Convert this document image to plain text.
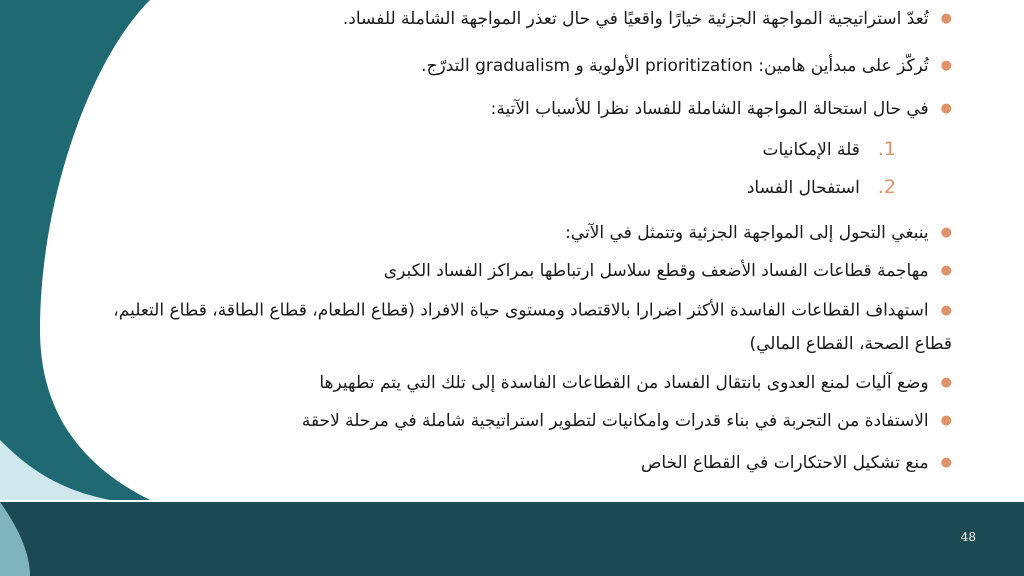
●تُعدّ استراتيجية المواجهة الجزئية خيارًا واقعيًا في حال تعذر المواجهة الشاملة للفساد.
●تُركّز على مبدأين هامين: prioritization الأولوية و gradualism التدرّج.
●في حال استحالة المواجهة الشاملة للفساد نظرا للأسباب الآتية:
1.قلة الإمكانيات
2.استفحال الفساد
●ينبغي التحول إلى المواجهة الجزئية وتتمثل في الآتي:
●مهاجمة قطاعات الفساد الأضعف وقطع سلاسل ارتباطها بمراكز الفساد الكبرى
●استهداف القطاعات الفاسدة الأكثر اضرارا بالاقتصاد ومستوى حياة الافراد (قطاع الطعام، قطاع الطاقة، قطاع التعليم، قطاع الصحة، القطاع المالي)
●وضع آليات لمنع العدوى بانتقال الفساد من القطاعات الفاسدة إلى تلك التي يتم تطهيرها
●الاستفادة من التجربة في بناء قدرات وامكانيات لتطوير استراتيجية شاملة في مرحلة لاحقة
●منع تشكيل الاحتكارات في القطاع الخاص
48
